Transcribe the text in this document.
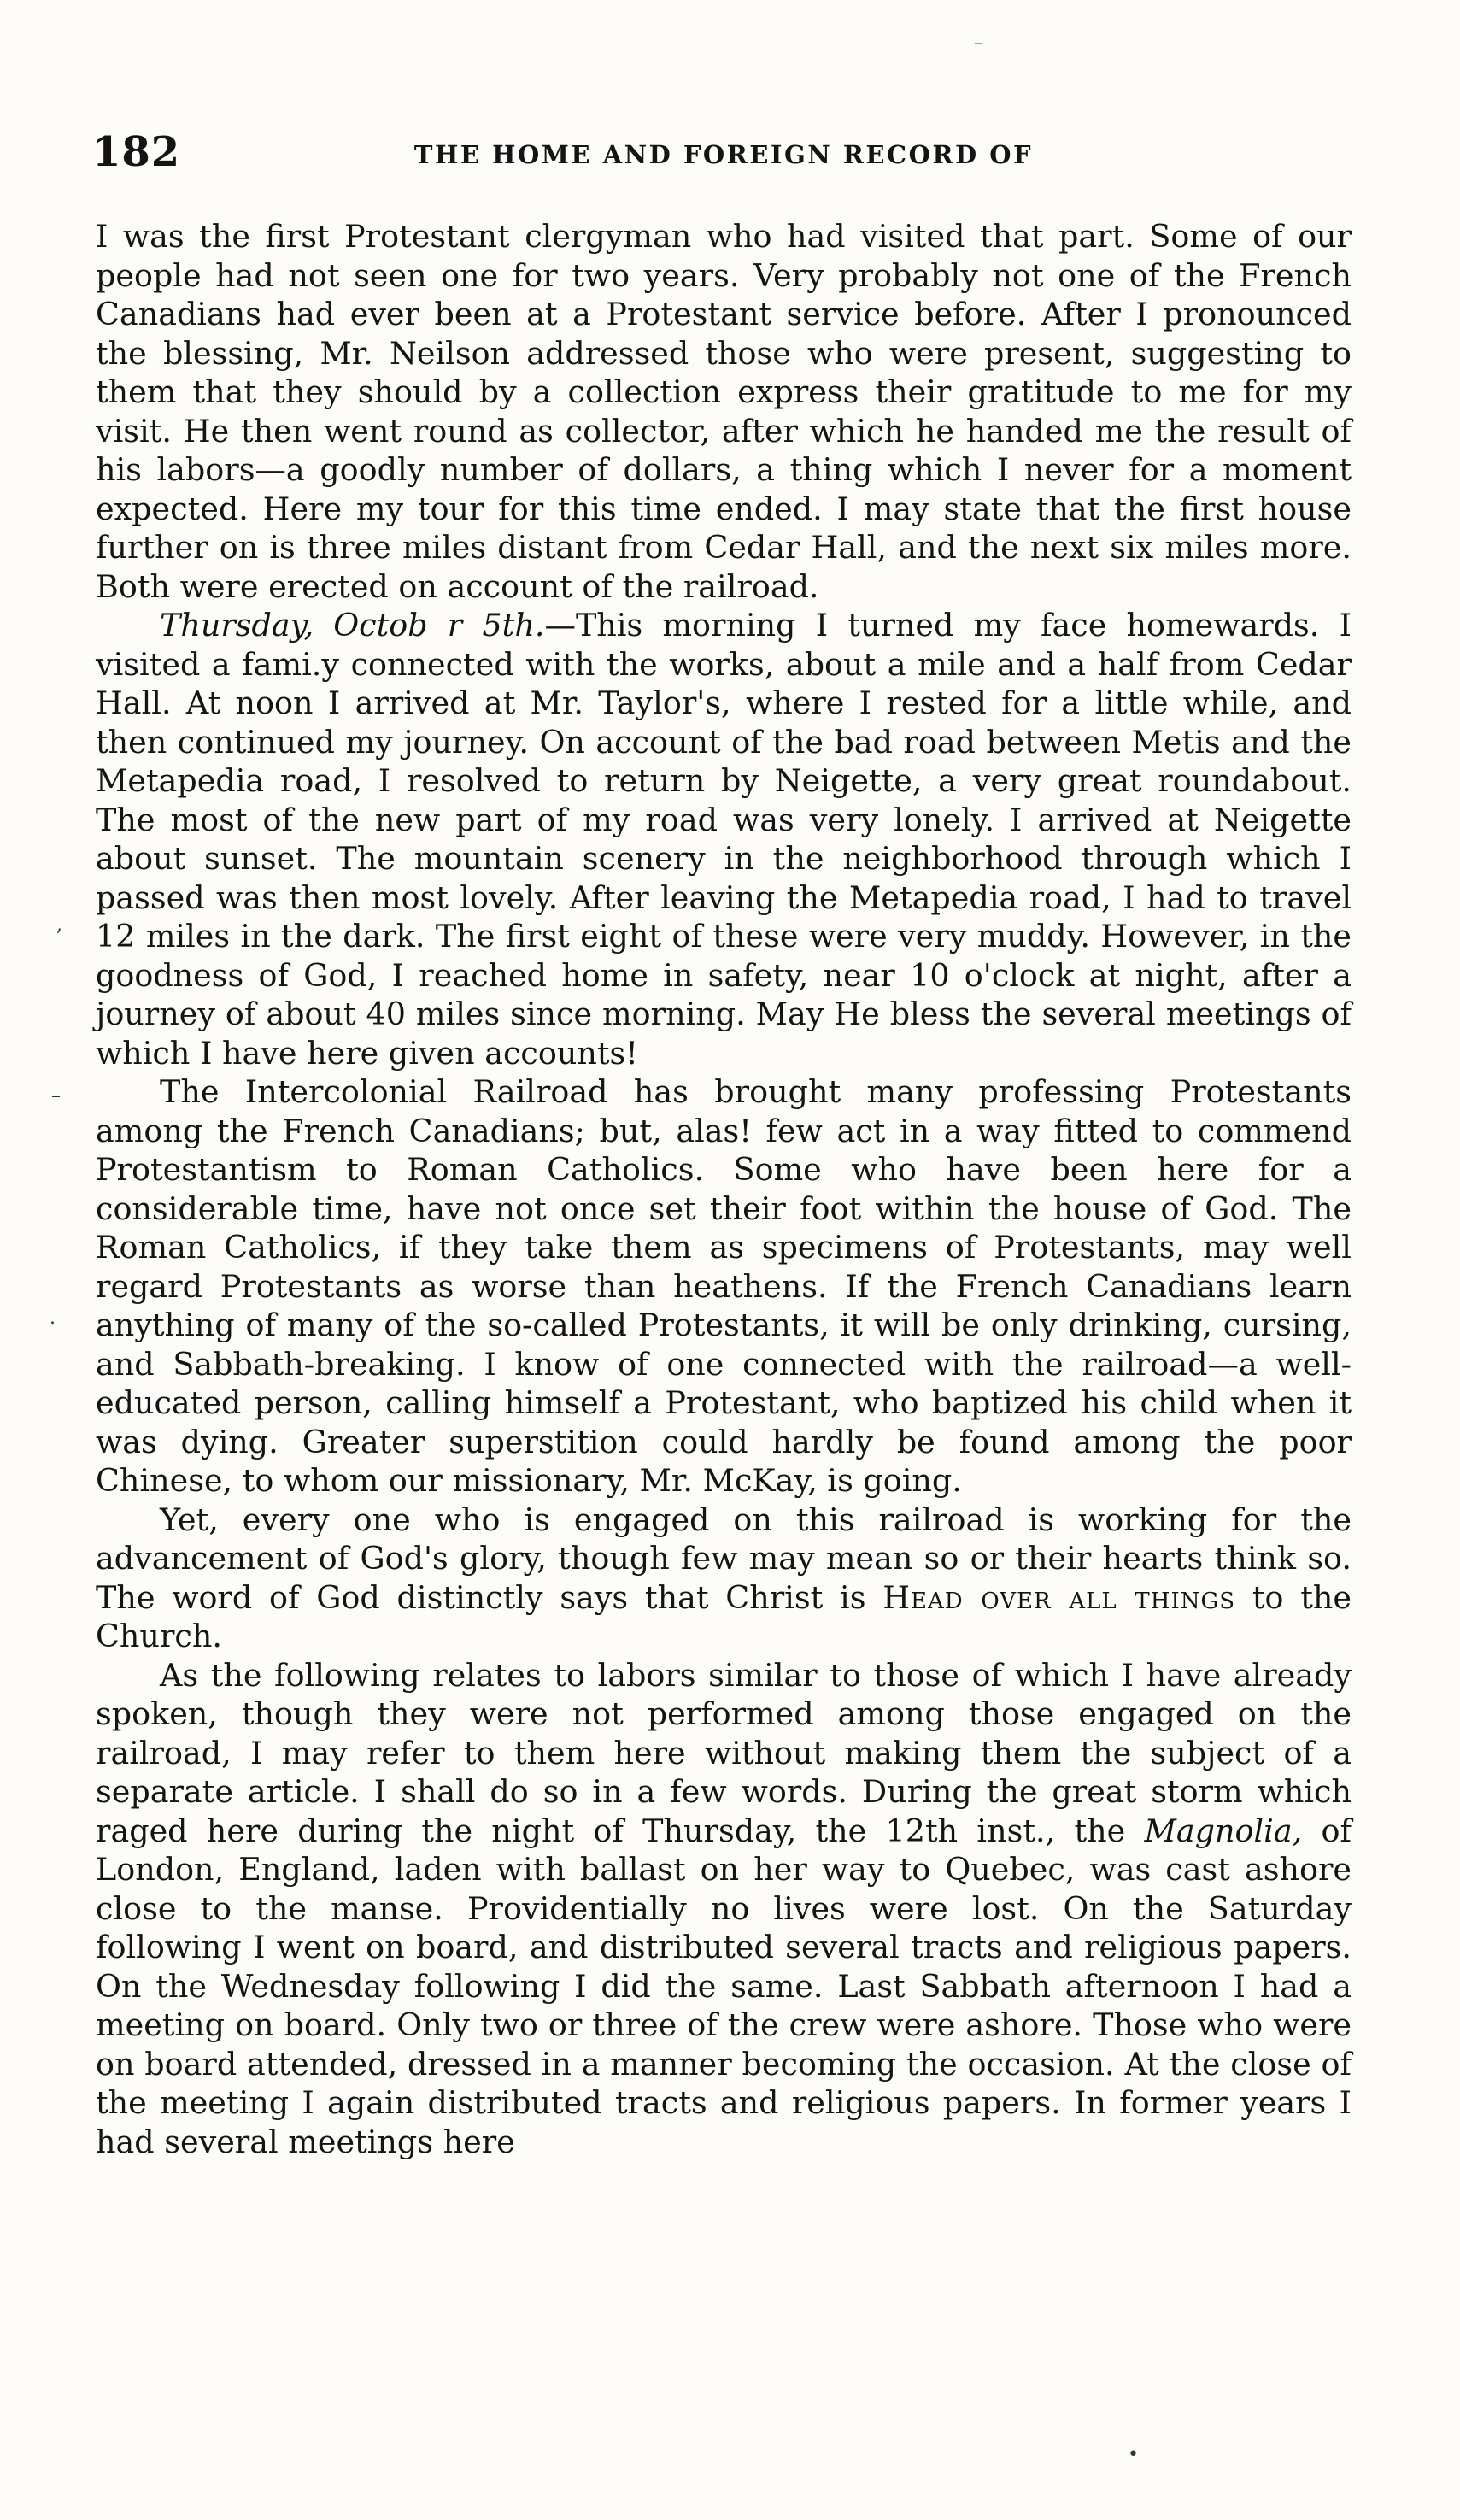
–
,
–
.
•
182	THE HOME AND FOREIGN RECORD OF

I was the first Protestant clergyman who had visited that part. Some of our people had not seen one for two years. Very probably not one of the French Canadians had ever been at a Protestant service before. After I pronounced the blessing, Mr. Neilson addressed those who were present, suggesting to them that they should by a collection express their gratitude to me for my visit. He then went round as collector, after which he handed me the result of his labors—a goodly number of dollars, a thing which I never for a moment expected. Here my tour for this time ended. I may state that the first house further on is three miles distant from Cedar Hall, and the next six miles more. Both were erected on account of the railroad.

Thursday, Octob r 5th.—This morning I turned my face homewards. I visited a fami.y connected with the works, about a mile and a half from Cedar Hall. At noon I arrived at Mr. Taylor's, where I rested for a little while, and then continued my journey. On account of the bad road between Metis and the Metapedia road, I resolved to return by Neigette, a very great roundabout. The most of the new part of my road was very lonely. I arrived at Neigette about sunset. The mountain scenery in the neighborhood through which I passed was then most lovely. After leaving the Metapedia road, I had to travel 12 miles in the dark. The first eight of these were very muddy. However, in the goodness of God, I reached home in safety, near 10 o'clock at night, after a journey of about 40 miles since morning. May He bless the several meetings of which I have here given accounts!

The Intercolonial Railroad has brought many professing Protestants among the French Canadians; but, alas! few act in a way fitted to commend Protestantism to Roman Catholics. Some who have been here for a considerable time, have not once set their foot within the house of God. The Roman Catholics, if they take them as specimens of Protestants, may well regard Protestants as worse than heathens. If the French Canadians learn anything of many of the so-called Protestants, it will be only drinking, cursing, and Sabbath-breaking. I know of one connected with the railroad—a well-educated person, calling himself a Protestant, who baptized his child when it was dying. Greater superstition could hardly be found among the poor Chinese, to whom our missionary, Mr. McKay, is going.

Yet, every one who is engaged on this railroad is working for the advancement of God's glory, though few may mean so or their hearts think so. The word of God distinctly says that Christ is Head over all things to the Church.

As the following relates to labors similar to those of which I have already spoken, though they were not performed among those engaged on the railroad, I may refer to them here without making them the subject of a separate article. I shall do so in a few words. During the great storm which raged here during the night of Thursday, the 12th inst., the Magnolia, of London, England, laden with ballast on her way to Quebec, was cast ashore close to the manse. Providentially no lives were lost. On the Saturday following I went on board, and distributed several tracts and religious papers. On the Wednesday following I did the same. Last Sabbath afternoon I had a meeting on board. Only two or three of the crew were ashore. Those who were on board attended, dressed in a manner becoming the occasion. At the close of the meeting I again distributed tracts and religious papers. In former years I had several meetings here
